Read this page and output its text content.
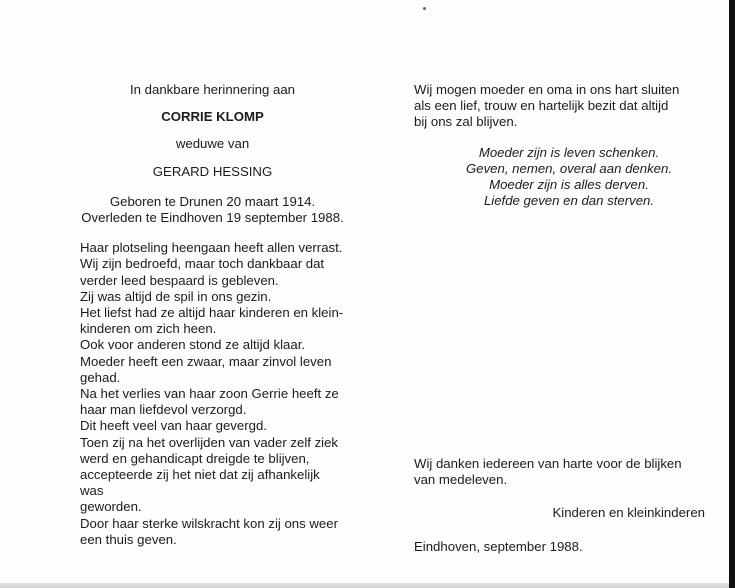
In dankbare herinnering aan
CORRIE KLOMP
weduwe van
GERARD HESSING
Geboren te Drunen 20 maart 1914.
Overleden te Eindhoven 19 september 1988.
Haar plotseling heengaan heeft allen verrast.
Wij zijn bedroefd, maar toch dankbaar dat
verder leed bespaard is gebleven.
Zij was altijd de spil in ons gezin.
Het liefst had ze altijd haar kinderen en klein-
kinderen om zich heen.
Ook voor anderen stond ze altijd klaar.
Moeder heeft een zwaar, maar zinvol leven
gehad.
Na het verlies van haar zoon Gerrie heeft ze
haar man liefdevol verzorgd.
Dit heeft veel van haar gevergd.
Toen zij na het overlijden van vader zelf ziek
werd en gehandicapt dreigde te blijven,
accepteerde zij het niet dat zij afhankelijk was
geworden.
Door haar sterke wilskracht kon zij ons weer
een thuis geven.
Wij mogen moeder en oma in ons hart sluiten
als een lief, trouw en hartelijk bezit dat altijd
bij ons zal blijven.
Moeder zijn is leven schenken.
Geven, nemen, overal aan denken.
Moeder zijn is alles derven.
Liefde geven en dan sterven.
Wij danken iedereen van harte voor de blijken
van medeleven.
Kinderen en kleinkinderen
Eindhoven, september 1988.
